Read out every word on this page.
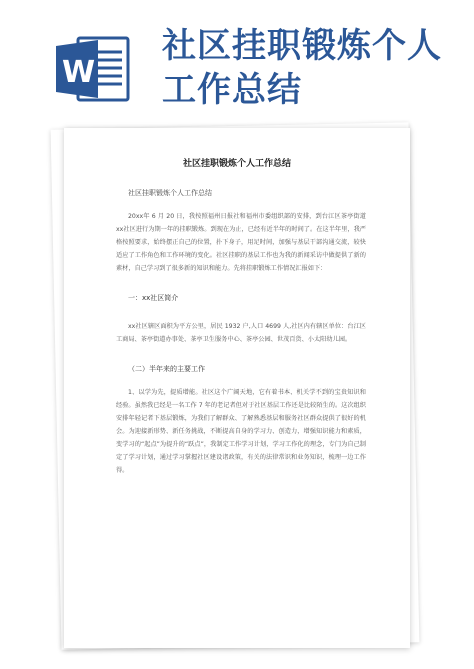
W
社区挂职锻炼个人
工作总结
社区挂职锻炼个人工作总结
社区挂职锻炼个人工作总结

20xx年 6 月 20 日，我按照福州日报社和福州市委组织部的安排，到台江区茶亭街道xx社区进行为期一年的挂职锻炼。到现在为止，已经有近半年的时间了。在这半年里，我严格按照要求，始终摆正自己的位置，扑下身子，用足时间，加强与基层干部沟通交流，较快适应了工作角色和工作环境的变化。社区挂职的基层工作也为我的新闻采访中做提供了新的素材，自己学习到了很多新的知识和能力。先将挂职锻炼工作情况汇报如下：

一：xx社区简介

xx社区辖区面积为平方公里，居民 1932 户,人口 4699 人,社区内有辖区单位：台江区工商局、茶亭街道办事处、茶亭卫生服务中心、茶亭公园、世茂百货、小太阳幼儿园。

（二）半年来的主要工作

1、以学为先，提质增能。社区这个广阔天地，它有着书本、机关学不到的宝贵知识和经验。虽然我已经是一名工作 7 年的老记者但对于社区基层工作还是比较陌生的。这次组织安排年轻记者下基层锻炼，为我们了解群众、了解熟悉基层和服务社区群众提供了很好的机会。为迎接新形势、新任务挑战，不断提高自身的学习力、创造力，增强知识能力和素质，变学习的“起点”为提升的“跃点”，我制定工作学习计划，学习工作化的理念，专门为自己制定了学习计划，通过学习掌握社区建设诸政策，有关的法律常识和业务知识，梳理一边工作得。
